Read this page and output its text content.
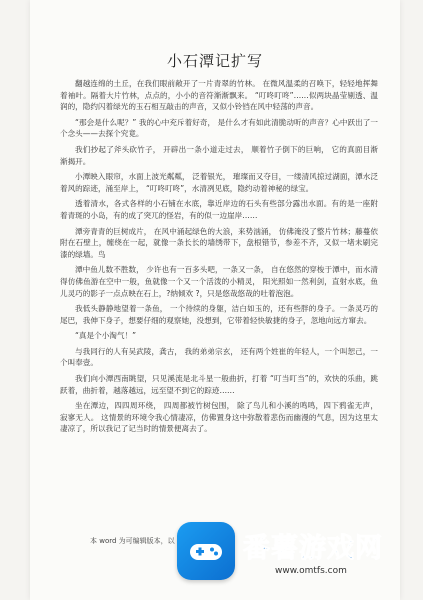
小石潭记扩写

翻越连绵的土丘，在我们眼前敞开了一片青翠的竹林。 在微风温柔的召唤下，轻轻地挥舞着袖叶。隔着大片竹林，点点的，小小的音符渐渐飘来。 “叮咚叮咚”……似两块晶莹剔透、温润的，隐约闪着绿光的玉石相互敲击的声音，又似小铃铛在风中轻荡的声音。

“那会是什么呢？” 我的心中充斥着好奇， 是什么才有如此清脆动听的声音？心中跃出了一个念头——去探个究竟。

我们抄起了斧头砍竹子， 开辟出一条小道走过去， 顺着竹子倒下的巨响， 它的真面目渐渐揭开。

小潭映入眼帘，水面上波光粼粼， 泛着银光， 璀璨而又夺目，一缕清风掠过湖面，潭水泛着风的踪迹，涌至岸上， “叮咚叮咚”，水清冽见底，隐约动着神秘的绿宝。

透着清水，各式各样的小石铺在水底，靠近岸边的石头有些部分露出水面。有的是一座附着青斑的小岛，有的成了突兀的怪岩，有的似一边崖岸……

潭旁青青的巨树成片， 在风中涌起绿色的大浪，来势汹涌， 仿佛淹没了整片竹林；藤蔓依附在石壁上，缠绕在一起，就像一条长长的墙绣带下，盘根错节，参差不齐，又似一堵未刷完漆的绿墙。鸟

潭中鱼儿数不胜数， 少许也有一百多头吧，一条又一条， 自在悠然的穿梭于潭中，而水清得仿佛鱼游在空中一般，鱼就像一个又一个活泼的小精灵， 阳光照如一然利剑，直射水底，鱼儿灵巧的影子一点点映在石上，?纳倾欢 ?，只是悠哉悠哉的吐着泡泡。

我低头静静地望着一条鱼， 一个待续的身躯，洁白如玉的，还有些胖的身子。一条灵巧的尾巴，我伸下身子，想要仔细的观察她，没想到，它带着轻快敏捷的身子，忽地向远方窜去。

“真是个小淘气！”

与我同行的人有吴武陵，龚古， 我的弟弟宗玄， 还有两个姓崔的年轻人，一个叫恕己，一个叫奉壹。

我们向小潭西南眺望，只见溪流是北斗星一般曲折，打着 “叮当叮当”的，欢快的乐曲，跳跃着，曲折着，越落越远，远至望不到它的踪迹……

坐在潭边，四四周环绕， 四周都被竹树包围， 除了鸟儿和小溪的鸣鸣，四下鸦雀无声， 寂寥无人。 这情景的环境令我心情凄凉，仿佛置身这中弥散着悲伤而幽漫的气息，因为这里太凄凉了，所以我记了记当时的情景便离去了。

本 word 为可编辑版本，以	番薯游戏网
www.omtfs.com
